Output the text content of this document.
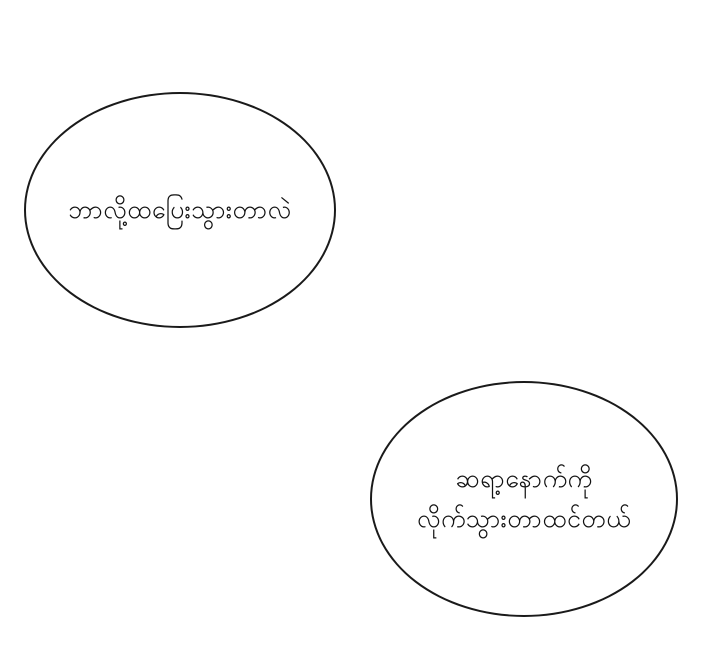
ဘာလို့ထပြေးသွားတာလဲ
ဆရာ့နောက်ကို
လိုက်သွားတာထင်တယ်
